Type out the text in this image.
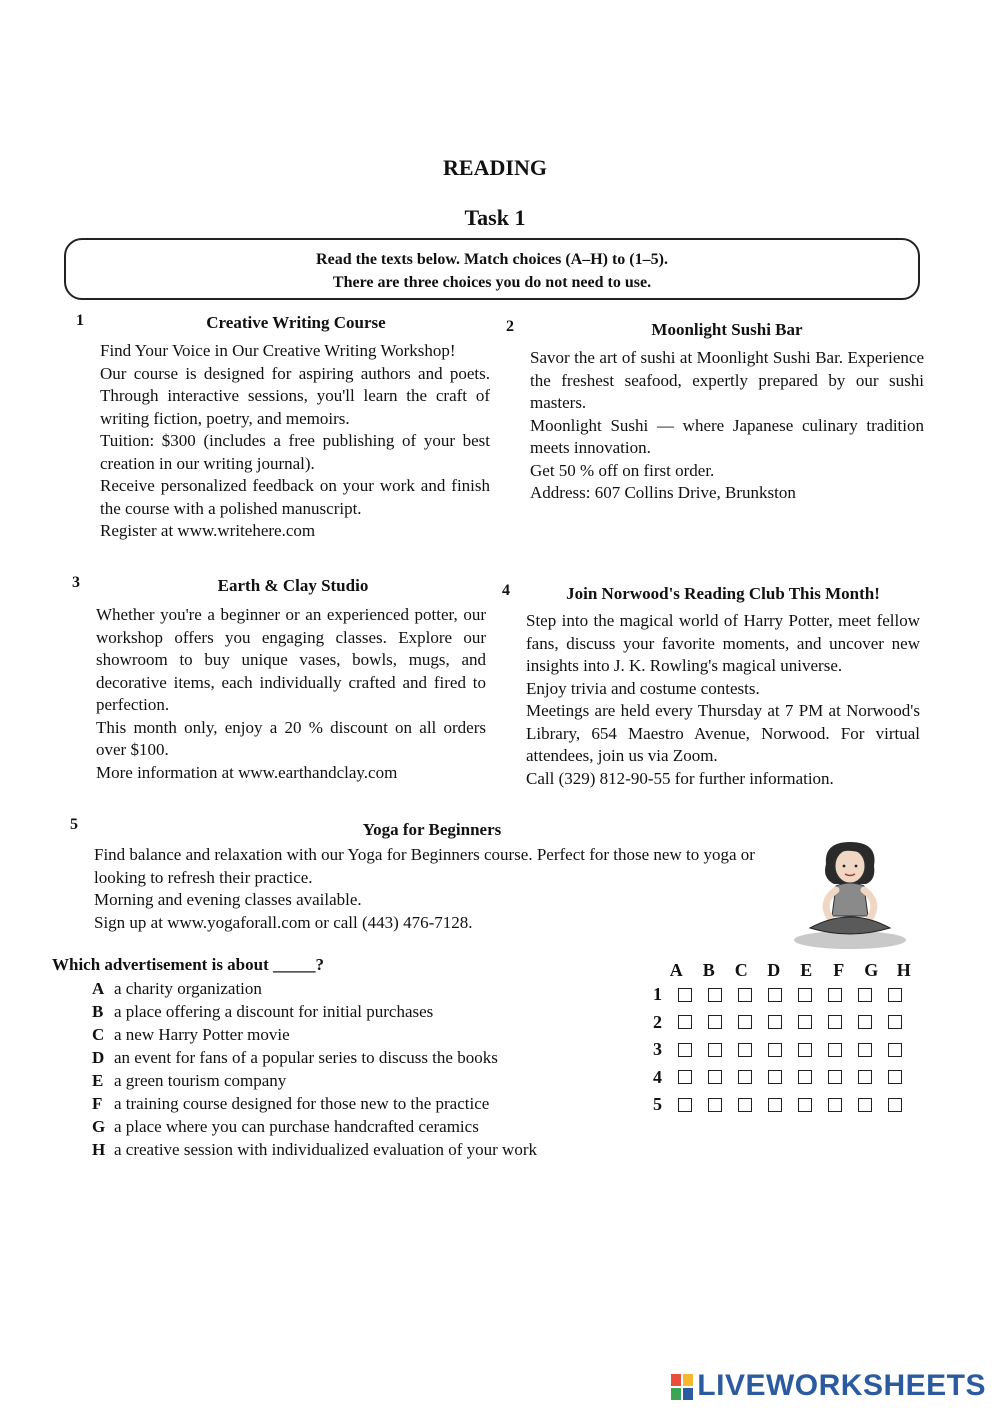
READING
Task 1
Read the texts below. Match choices (A–H) to (1–5).
There are three choices you do not need to use.
1	Creative Writing Course

Find Your Voice in Our Creative Writing Workshop!

Our course is designed for aspiring authors and poets. Through interactive sessions, you'll learn the craft of writing fiction, poetry, and memoirs.

Tuition: $300 (includes a free publishing of your best creation in our writing journal).

Receive personalized feedback on your work and finish the course with a polished manuscript.

Register at www.writehere.com

2	Moonlight Sushi Bar

Savor the art of sushi at Moonlight Sushi Bar. Experience the freshest seafood, expertly prepared by our sushi masters.

Moonlight Sushi — where Japanese culinary tradition meets innovation.

Get 50 % off on first order.

Address: 607 Collins Drive, Brunkston

3	Earth & Clay Studio

Whether you're a beginner or an experienced potter, our workshop offers you engaging classes. Explore our showroom to buy unique vases, bowls, mugs, and decorative items, each individually crafted and fired to perfection.

This month only, enjoy a 20 % discount on all orders over $100.

More information at www.earthandclay.com

4	Join Norwood's Reading Club This Month!

Step into the magical world of Harry Potter, meet fellow fans, discuss your favorite moments, and uncover new insights into J. K. Rowling's magical universe.

Enjoy trivia and costume contests.

Meetings are held every Thursday at 7 PM at Norwood's Library, 654 Maestro Avenue, Norwood. For virtual attendees, join us via Zoom.

Call (329) 812-90-55 for further information.

5	Yoga for Beginners

Find balance and relaxation with our Yoga for Beginners course. Perfect for those new to yoga or looking to refresh their practice.

Morning and evening classes available.

Sign up at www.yogaforall.com or call (443) 476-7128.

Which advertisement is about _____?
A a charity organization
B a place offering a discount for initial purchases
C a new Harry Potter movie
D an event for fans of a popular series to discuss the books
E a green tourism company
F a training course designed for those new to the practice
G a place where you can purchase handcrafted ceramics
H a creative session with individualized evaluation of your work
A B C D E F G H
1
2
3
4
5
LIVEWORKSHEETS
